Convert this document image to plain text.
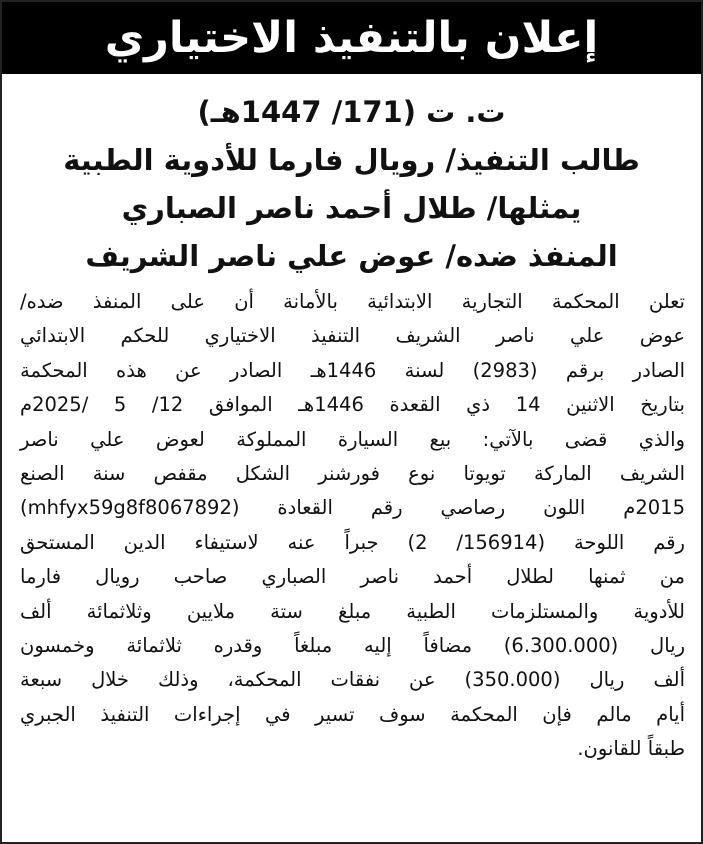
إعلان بالتنفيذ الاختياري
ت. ت (171/ 1447هـ)
طالب التنفيذ/ رويال فارما للأدوية الطبية
يمثلها/ طلال أحمد ناصر الصباري
المنفذ ضده/ عوض علي ناصر الشريف
تعلن المحكمة التجارية الابتدائية بالأمانة أن على المنفذ ضده/
عوض علي ناصر الشريف التنفيذ الاختياري للحكم الابتدائي
الصادر برقم (2983) لسنة 1446هـ الصادر عن هذه المحكمة
بتاريخ الاثنين 14 ذي القعدة 1446هـ الموافق 12/ 5 /2025م
والذي قضى بالآتي: بيع السيارة المملوكة لعوض علي ناصر
الشريف الماركة تويوتا نوع فورشنر الشكل مقفص سنة الصنع
2015م اللون رصاصي رقم القعادة (mhfyx59g8f8067892)
رقم اللوحة (156914/ 2) جبراً عنه لاستيفاء الدين المستحق
من ثمنها لطلال أحمد ناصر الصباري صاحب رويال فارما
للأدوية والمستلزمات الطبية مبلغ ستة ملايين وثلاثمائة ألف
ريال (6.300.000) مضافاً إليه مبلغاً وقدره ثلاثمائة وخمسون
ألف ريال (350.000) عن نفقات المحكمة، وذلك خلال سبعة
أيام مالم فإن المحكمة سوف تسير في إجراءات التنفيذ الجبري
طبقاً للقانون.
